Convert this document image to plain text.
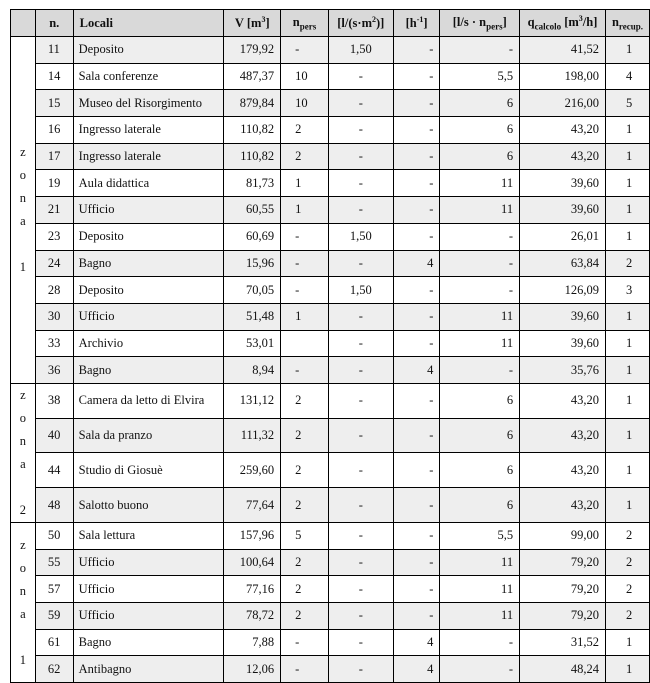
	n.	Locali	V $[m^3]$	$n_{pers}$	$[l/(s\cdot m^2)]$	$[h^{-1}]$	$[l/s \cdot n_{pers}]$	$q_{calcolo}$ $[m^3/h]$	$n_{recup.}$

z
o
n
a

1	11	Deposito	179,92	-	1,50	-	-	41,52	1
	14	Sala conferenze	487,37	10	-	-	5,5	198,00	4
	15	Museo del Risorgimento	879,84	10	-	-	6	216,00	5
	16	Ingresso laterale	110,82	2	-	-	6	43,20	1
	17	Ingresso laterale	110,82	2	-	-	6	43,20	1
	19	Aula didattica	81,73	1	-	-	11	39,60	1
	21	Ufficio	60,55	1	-	-	11	39,60	1
	23	Deposito	60,69	-	1,50	-	-	26,01	1
	24	Bagno	15,96	-	-	4	-	63,84	2
	28	Deposito	70,05	-	1,50	-	-	126,09	3
	30	Ufficio	51,48	1	-	-	11	39,60	1
	33	Archivio	53,01		-	-	11	39,60	1
	36	Bagno	8,94	-	-	4	-	35,76	1

z
o
n
a

2	38	Camera da letto di Elvira	131,12	2	-	-	6	43,20	1
	40	Sala da pranzo	111,32	2	-	-	6	43,20	1
	44	Studio di Giosuè	259,60	2	-	-	6	43,20	1
	48	Salotto buono	77,64	2	-	-	6	43,20	1

z
o
n
a

1	50	Sala lettura	157,96	5	-	-	5,5	99,00	2
	55	Ufficio	100,64	2	-	-	11	79,20	2
	57	Ufficio	77,16	2	-	-	11	79,20	2
	59	Ufficio	78,72	2	-	-	11	79,20	2
	61	Bagno	7,88	-	-	4	-	31,52	1
	62	Antibagno	12,06	-	-	4	-	48,24	1
